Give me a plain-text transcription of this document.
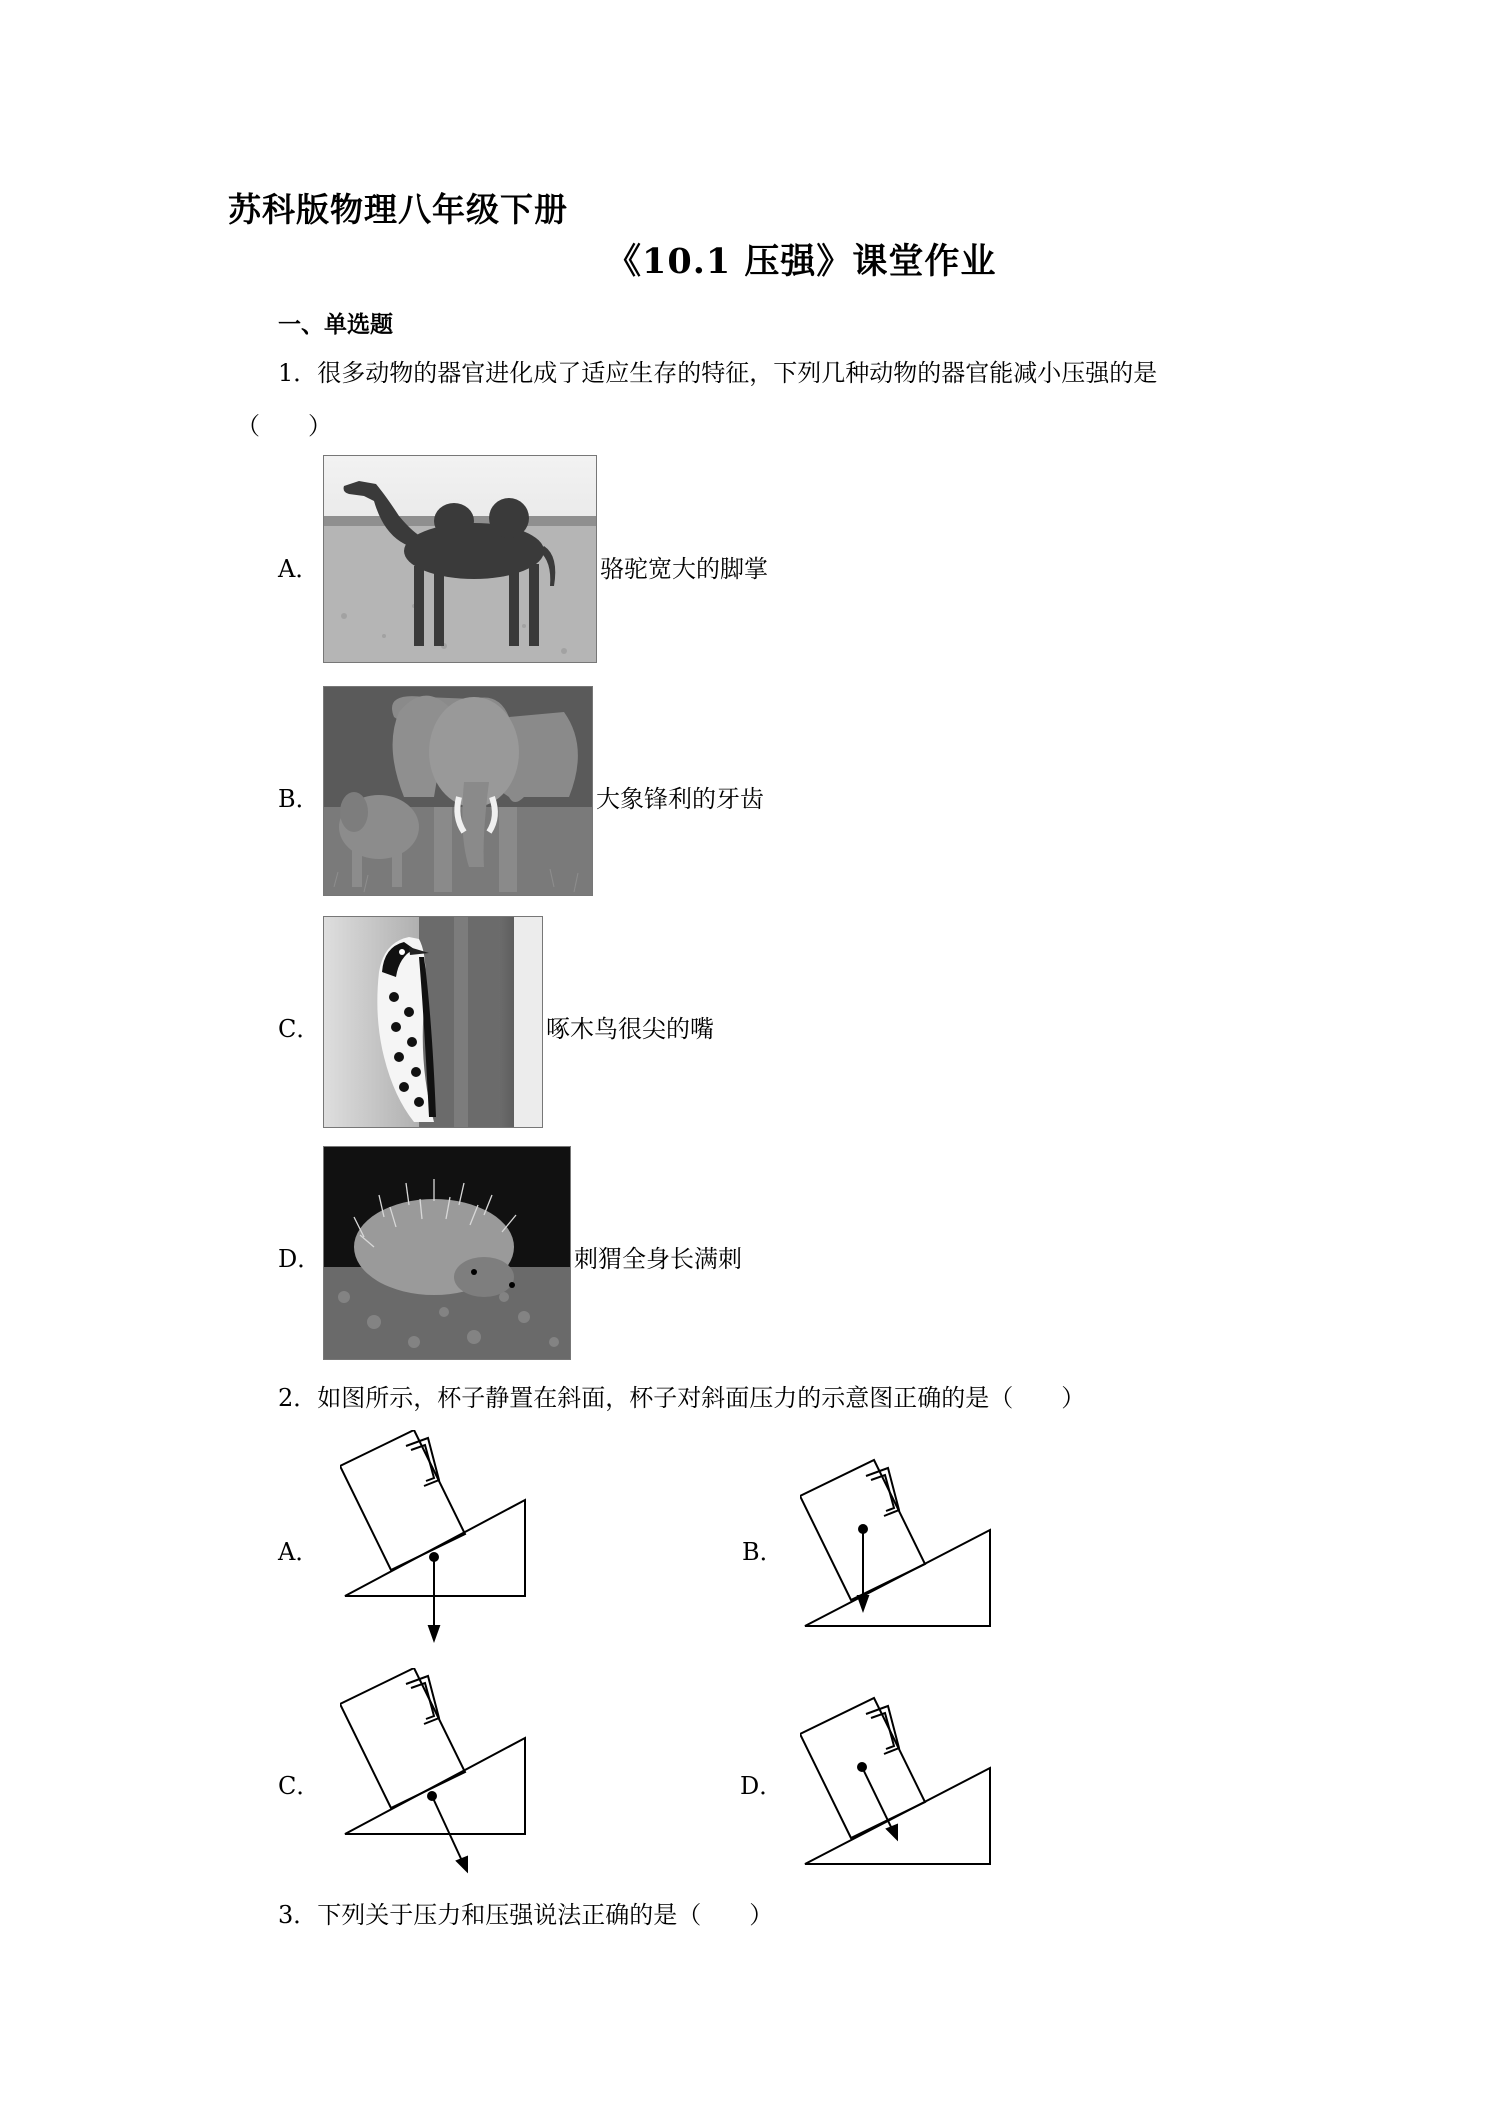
苏科版物理八年级下册
《10.1 压强》课堂作业
一、单选题
1．很多动物的器官进化成了适应生存的特征，下列几种动物的器官能减小压强的是
（　　）
A．	骆驼宽大的脚掌
B．	大象锋利的牙齿
C．	啄木鸟很尖的嘴
D．	刺猬全身长满刺
2．如图所示，杯子静置在斜面，杯子对斜面压力的示意图正确的是（　　）
A．	B．
C．	D．
3．下列关于压力和压强说法正确的是（　　）
